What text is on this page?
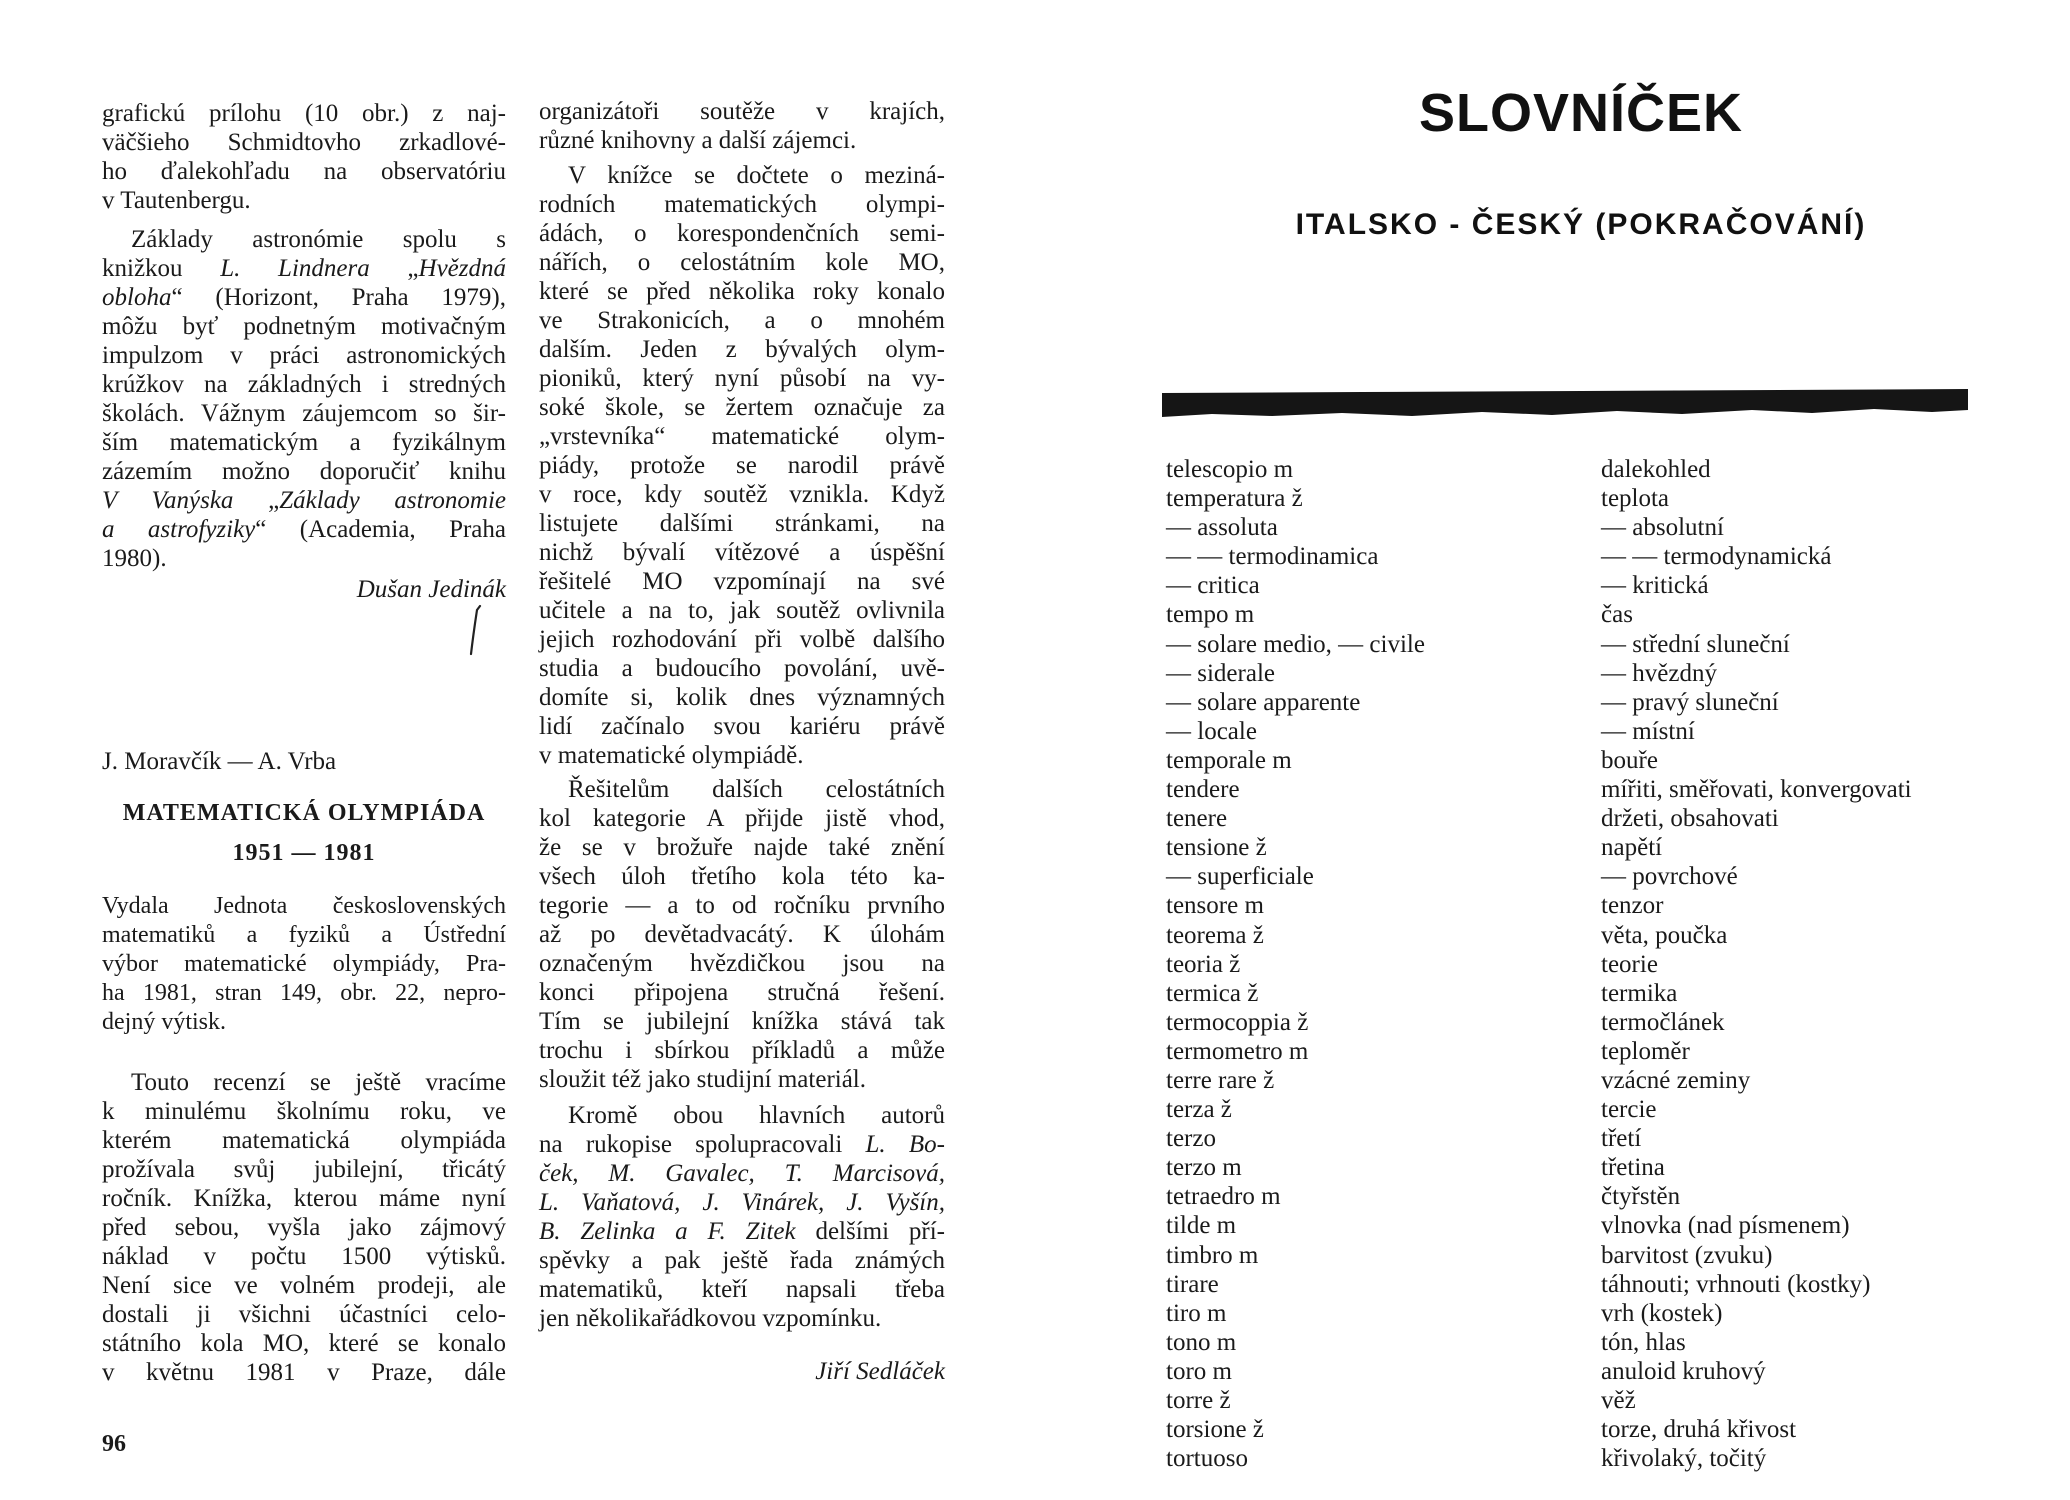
grafickú prílohu (10 obr.) z naj-
väčšieho Schmidtovho zrkadlové-
ho ďalekohľadu na observatóriu
v Tautenbergu.
Základy astronómie spolu s
knižkou L. Lindnera „Hvězdná
obloha“ (Horizont, Praha 1979),
môžu byť podnetným motivačným
impulzom v práci astronomických
krúžkov na základných i stredných
školách. Vážnym záujemcom so šir-
ším matematickým a fyzikálnym
zázemím možno doporučiť knihu
V Vanýska „Základy astronomie
a astrofyziky“ (Academia, Praha
1980).
Dušan Jedinák
J. Moravčík — A. Vrba
MATEMATICKÁ OLYMPIÁDA
1951 — 1981
Vydala Jednota československých
matematiků a fyziků a Ústřední
výbor matematické olympiády, Pra-
ha 1981, stran 149, obr. 22, nepro-
dejný výtisk.
Touto recenzí se ještě vracíme
k minulému školnímu roku, ve
kterém matematická olympiáda
prožívala svůj jubilejní, třicátý
ročník. Knížka, kterou máme nyní
před sebou, vyšla jako zájmový
náklad v počtu 1500 výtisků.
Není sice ve volném prodeji, ale
dostali ji všichni účastníci celo-
státního kola MO, které se konalo
v květnu 1981 v Praze, dále
96
organizátoři soutěže v krajích,
různé knihovny a další zájemci.
V knížce se dočtete o meziná-
rodních matematických olympi-
ádách, o korespondenčních semi-
nářích, o celostátním kole MO,
které se před několika roky konalo
ve Strakonicích, a o mnohém
dalším. Jeden z bývalých olym-
pioniků, který nyní působí na vy-
soké škole, se žertem označuje za
„vrstevníka“ matematické olym-
piády, protože se narodil právě
v roce, kdy soutěž vznikla. Když
listujete dalšími stránkami, na
nichž bývalí vítězové a úspěšní
řešitelé MO vzpomínají na své
učitele a na to, jak soutěž ovlivnila
jejich rozhodování při volbě dalšího
studia a budoucího povolání, uvě-
domíte si, kolik dnes významných
lidí začínalo svou kariéru právě
v matematické olympiádě.
Řešitelům dalších celostátních
kol kategorie A přijde jistě vhod,
že se v brožuře najde také znění
všech úloh třetího kola této ka-
tegorie — a to od ročníku prvního
až po devětadvacátý. K úlohám
označeným hvězdičkou jsou na
konci připojena stručná řešení.
Tím se jubilejní knížka stává tak
trochu i sbírkou příkladů a může
sloužit též jako studijní materiál.
Kromě obou hlavních autorů
na rukopise spolupracovali L. Bo-
ček, M. Gavalec, T. Marcisová,
L. Vaňatová, J. Vinárek, J. Vyšín,
B. Zelinka a F. Zitek delšími pří-
spěvky a pak ještě řada známých
matematiků, kteří napsali třeba
jen několikařádkovou vzpomínku.
Jiří Sedláček
SLOVNÍČEK
ITALSKO - ČESKÝ (POKRAČOVÁNÍ)
telescopio m	dalekohled
temperatura ž	teplota
— assoluta	— absolutní
— — termodinamica	— — termodynamická
— critica	— kritická
tempo m	čas
— solare medio, — civile	— střední sluneční
— siderale	— hvězdný
— solare apparente	— pravý sluneční
— locale	— místní
temporale m	bouře
tendere	mířiti, směřovati, konvergovati
tenere	držeti, obsahovati
tensione ž	napětí
— superficiale	— povrchové
tensore m	tenzor
teorema ž	věta, poučka
teoria ž	teorie
termica ž	termika
termocoppia ž	termočlánek
termometro m	teploměr
terre rare ž	vzácné zeminy
terza ž	tercie
terzo	třetí
terzo m	třetina
tetraedro m	čtyřstěn
tilde m	vlnovka (nad písmenem)
timbro m	barvitost (zvuku)
tirare	táhnouti; vrhnouti (kostky)
tiro m	vrh (kostek)
tono m	tón, hlas
toro m	anuloid kruhový
torre ž	věž
torsione ž	torze, druhá křivost
tortuoso	křivolaký, točitý
